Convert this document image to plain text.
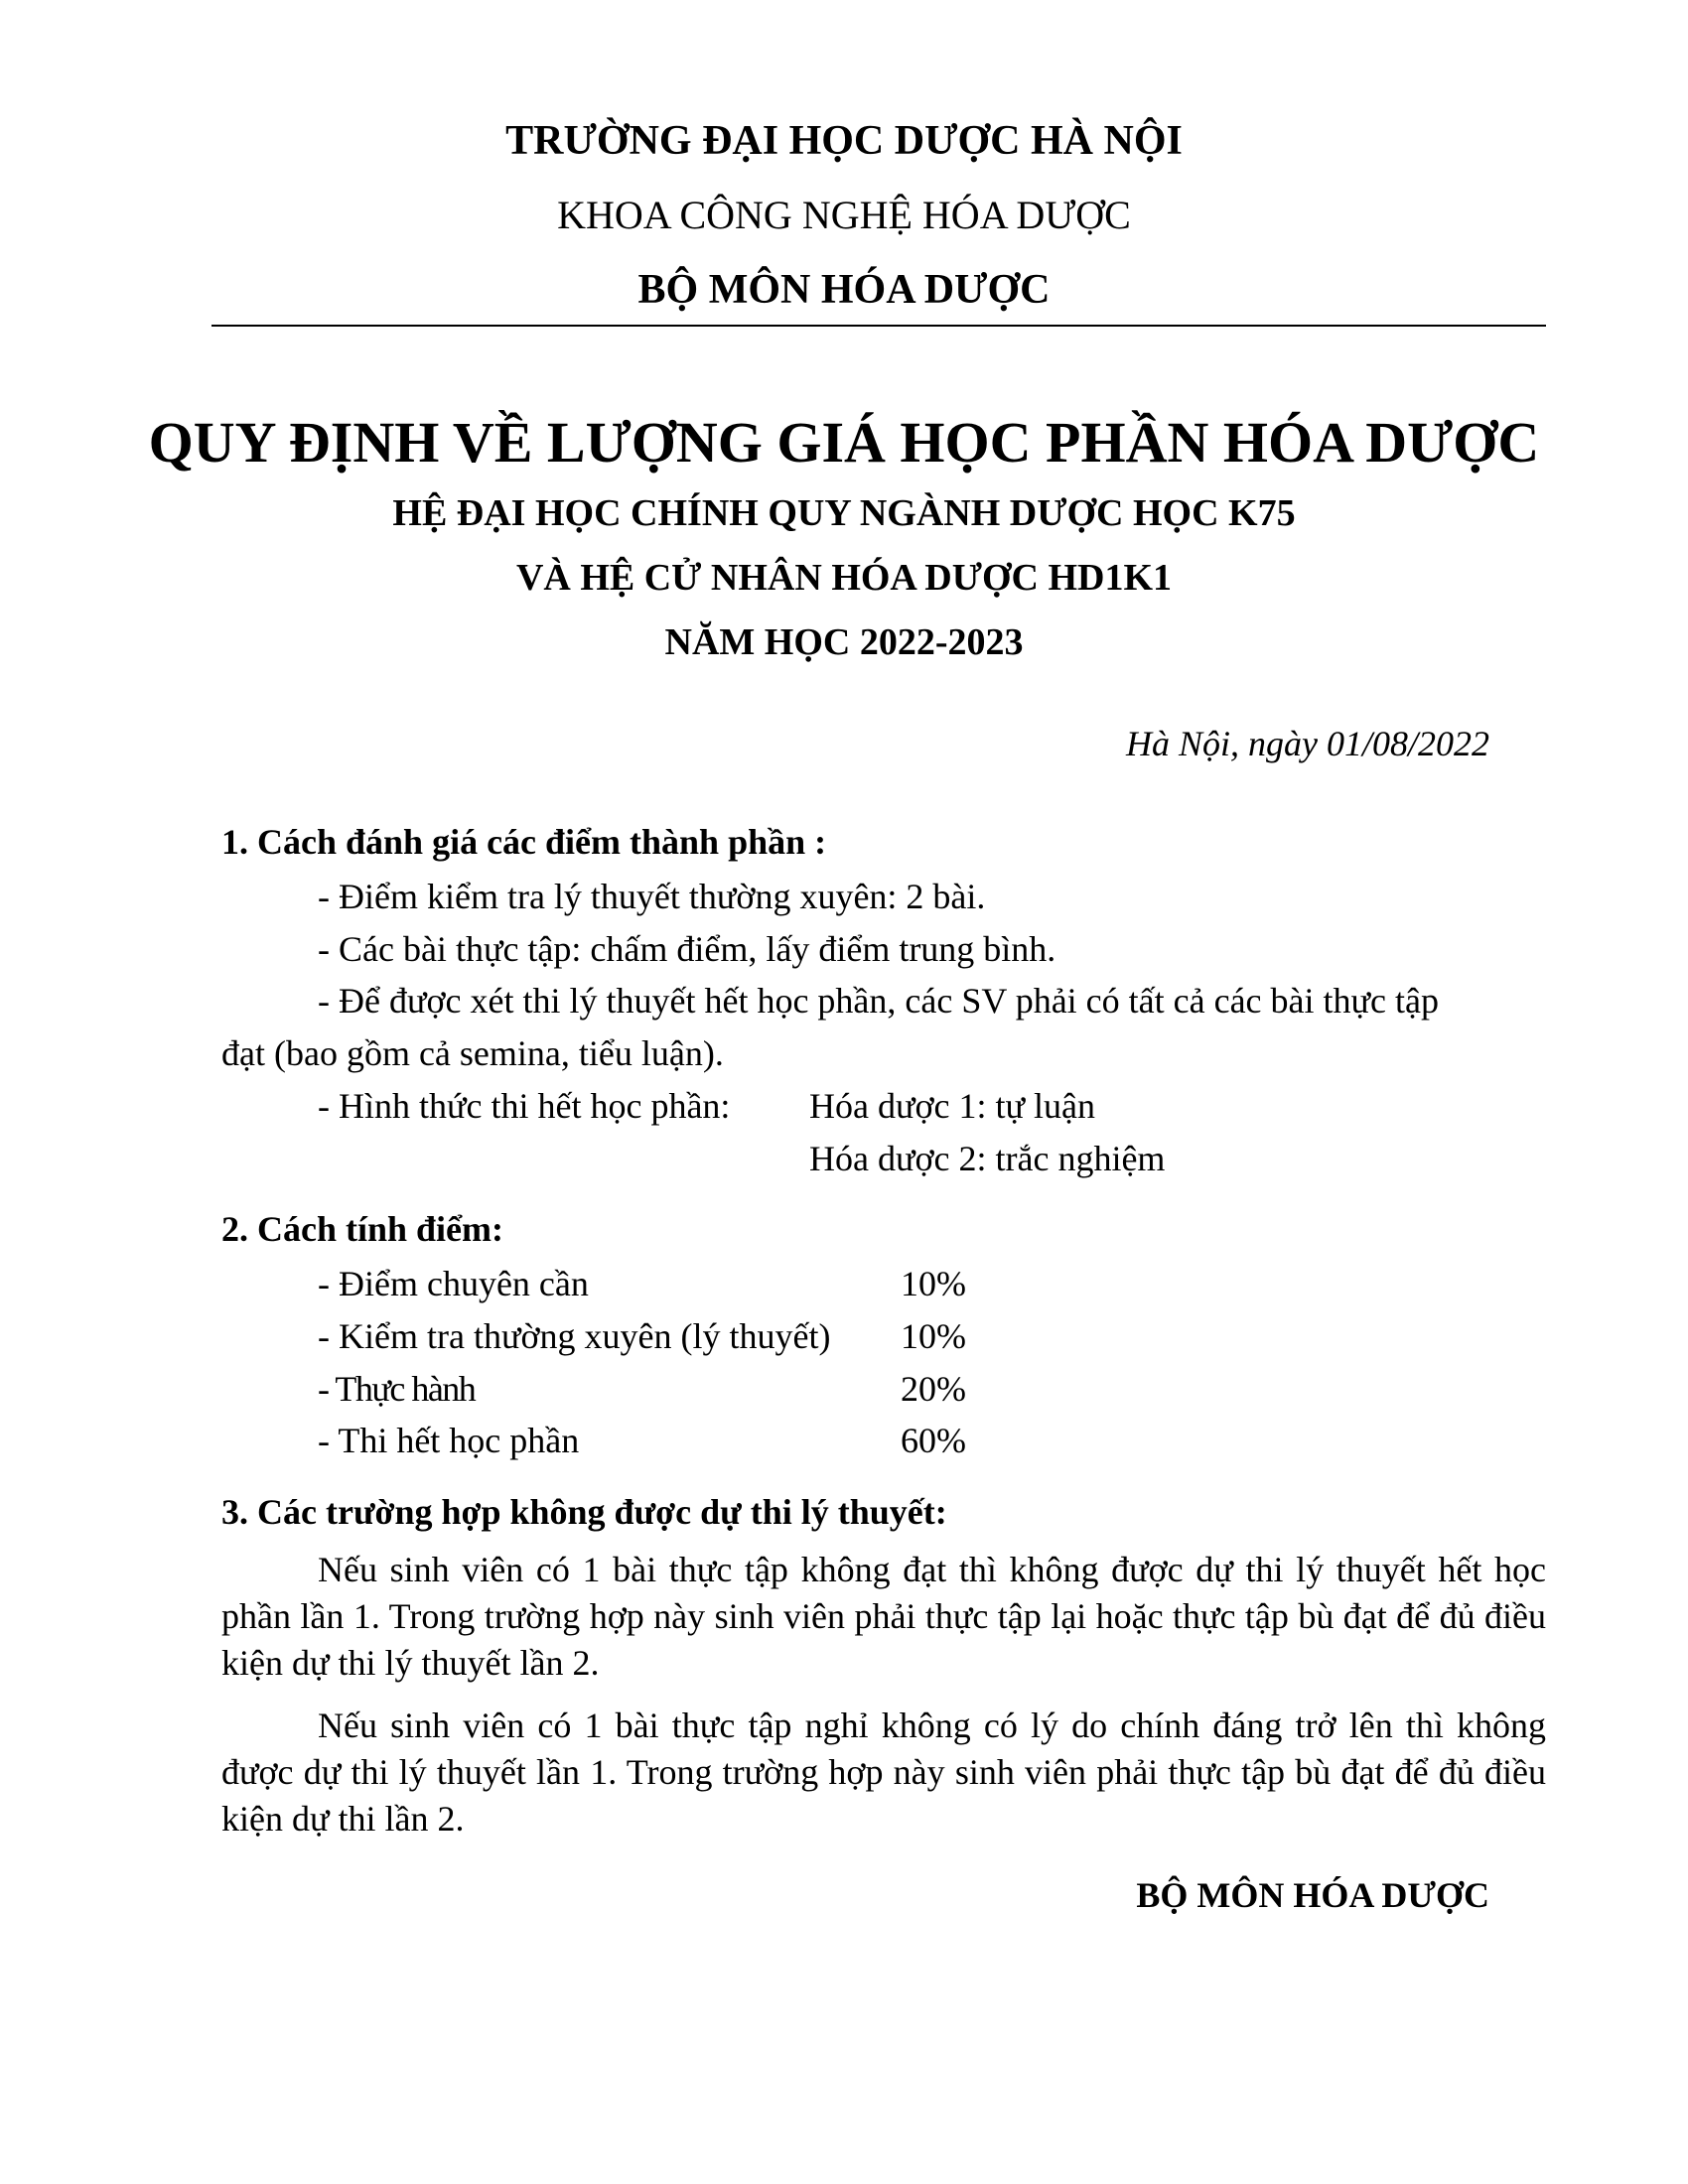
TRƯỜNG ĐẠI HỌC DƯỢC HÀ NỘI
KHOA CÔNG NGHỆ HÓA DƯỢC
BỘ MÔN HÓA DƯỢC
QUY ĐỊNH VỀ LƯỢNG GIÁ HỌC PHẦN HÓA DƯỢC
HỆ ĐẠI HỌC CHÍNH QUY NGÀNH DƯỢC HỌC K75
VÀ HỆ CỬ NHÂN HÓA DƯỢC HD1K1
NĂM HỌC 2022-2023
Hà Nội, ngày 01/08/2022
1. Cách đánh giá các điểm thành phần :
- Điểm kiểm tra lý thuyết thường xuyên: 2 bài.
- Các bài thực tập: chấm điểm, lấy điểm trung bình.
- Để được xét thi lý thuyết hết học phần, các SV phải có tất cả các bài thực tập
đạt (bao gồm cả semina, tiểu luận).
- Hình thức thi hết học phần: Hóa dược 1: tự luận
Hóa dược 2: trắc nghiệm
2. Cách tính điểm:
- Điểm chuyên cần	10%
- Kiểm tra thường xuyên (lý thuyết) 10%
- Thực hành	20%
- Thi hết học phần	60%
3. Các trường hợp không được dự thi lý thuyết:

Nếu sinh viên có 1 bài thực tập không đạt thì không được dự thi lý thuyết hết học phần lần 1. Trong trường hợp này sinh viên phải thực tập lại hoặc thực tập bù đạt để đủ điều kiện dự thi lý thuyết lần 2.

Nếu sinh viên có 1 bài thực tập nghỉ không có lý do chính đáng trở lên thì không được dự thi lý thuyết lần 1. Trong trường hợp này sinh viên phải thực tập bù đạt để đủ điều kiện dự thi lần 2.

BỘ MÔN HÓA DƯỢC
